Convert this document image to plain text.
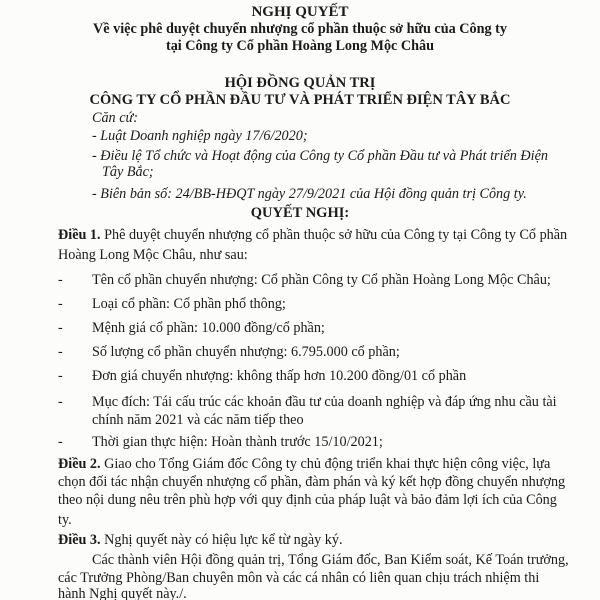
NGHỊ QUYẾT
Về việc phê duyệt chuyển nhượng cổ phần thuộc sở hữu của Công ty
tại Công ty Cổ phần Hoàng Long Mộc Châu
HỘI ĐỒNG QUẢN TRỊ
CÔNG TY CỔ PHẦN ĐẦU TƯ VÀ PHÁT TRIỂN ĐIỆN TÂY BẮC
Căn cứ:
- Luật Doanh nghiệp ngày 17/6/2020;
- Điều lệ Tổ chức và Hoạt động của Công ty Cổ phần Đầu tư và Phát triển Điện
Tây Bắc;
- Biên bản số: 24/BB-HĐQT ngày 27/9/2021 của Hội đồng quản trị Công ty.
QUYẾT NGHỊ:
Điều 1. Phê duyệt chuyển nhượng cổ phần thuộc sở hữu của Công ty tại Công ty Cổ phần
Hoàng Long Mộc Châu, như sau:
- Tên cổ phần chuyển nhượng: Cổ phần Công ty Cổ phần Hoàng Long Mộc Châu;
- Loại cổ phần: Cổ phần phổ thông;
- Mệnh giá cổ phần: 10.000 đồng/cổ phần;
- Số lượng cổ phần chuyển nhượng: 6.795.000 cổ phần;
- Đơn giá chuyển nhượng: không thấp hơn 10.200 đồng/01 cổ phần
- Mục đích: Tái cấu trúc các khoản đầu tư của doanh nghiệp và đáp ứng nhu cầu tài
chính năm 2021 và các năm tiếp theo
- Thời gian thực hiện: Hoàn thành trước 15/10/2021;
Điều 2. Giao cho Tổng Giám đốc Công ty chủ động triển khai thực hiện công việc, lựa
chọn đối tác nhận chuyển nhượng cổ phần, đàm phán và ký kết hợp đồng chuyển nhượng
theo nội dung nêu trên phù hợp với quy định của pháp luật và bảo đảm lợi ích của Công
ty.
Điều 3. Nghị quyết này có hiệu lực kể từ ngày ký.
Các thành viên Hội đồng quản trị, Tổng Giám đốc, Ban Kiểm soát, Kế Toán trưởng,
các Trưởng Phòng/Ban chuyên môn và các cá nhân có liên quan chịu trách nhiệm thi
hành Nghị quyết này./.
